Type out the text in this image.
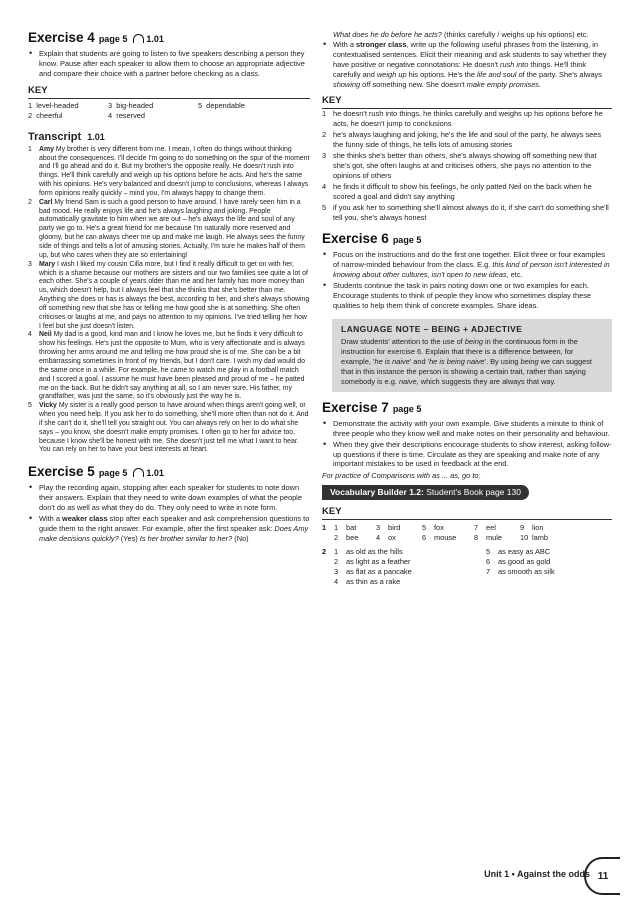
Exercise 4 page 5 1.01
• Explain that students are going to listen to five speakers describing a person they know. Pause after each speaker to allow them to choose an appropriate adjective and compare their choice with a partner before checking as a class.
KEY
1 level-headed	3 big-headed	5 dependable
2 cheerful	4 reserved
Transcript 1.01
1 Amy My brother is very different from me. I mean, I often do things without thinking about the consequences. I'll decide I'm going to do something on the spur of the moment and I'll go ahead and do it. But my brother's the opposite really. He doesn't rush into things. He'll think carefully and weigh up his options before he acts. And he's the same with his opinions. He's very balanced and doesn't jump to conclusions, whereas I always form opinions really quickly – mind you, I'm always happy to change them.
2 Carl My friend Sam is such a good person to have around. I have rarely seen him in a bad mood. He really enjoys life and he's always laughing and joking. People automatically gravitate to him when we are out – he's always the life and soul of any party we go to. He's a great friend for me because I'm naturally more reserved and gloomy, but he can always cheer me up and make me laugh. He always sees the funny side of things and tells a lot of amusing stories. Actually, I'm sure he makes half of them up, but who cares when they are so entertaining!
3 Mary I wish I liked my cousin Cilla more, but I find it really difficult to get on with her, which is a shame because our mothers are sisters and our two families see quite a lot of each other. She's a couple of years older than me and her family has more money than us, which doesn't help, but I always feel that she thinks that she's better than me. Anything she does or has is always the best, according to her, and she's always showing off something new that she has or telling me how good she is at something. She often criticises or laughs at me, and pays no attention to my opinions. I've tried telling her how I feel but she just doesn't listen.
4 Neil My dad is a good, kind man and I know he loves me, but he finds it very difficult to show his feelings. He's just the opposite to Mum, who is very affectionate and is always throwing her arms around me and telling me how proud she is of me. She can be a bit embarrassing sometimes in front of my friends, but I don't care. I wish my dad would do the same once in a while. For example, he came to watch me play in a football match and I scored a goal. I assume he must have been pleased and proud of me – he patted me on the back. But he didn't say anything at all, so I am never sure. His father, my grandfather, was just the same, so it's obviously just the way he is.
5 Vicky My sister is a really good person to have around when things aren't going well, or when you need help. If you ask her to do something, she'll more often than not do it. And if she can't do it, she'll tell you straight out. You can always rely on her to do what she says – you know, she doesn't make empty promises. I often go to her for advice too, because I know she'll be honest with me. She doesn't just tell me what I want to hear. You can rely on her to have your best interests at heart.
Exercise 5 page 5 1.01
• Play the recording again, stopping after each speaker for students to note down their answers. Explain that they need to write down examples of what the people don't do as well as what they do do. They only need to write in note form.
• With a weaker class stop after each speaker and ask comprehension questions to guide them to the right answer. For example, after the first speaker ask: Does Amy make decisions quickly? (Yes) Is her brother similar to her? (No)
What does he do before he acts? (thinks carefully / weighs up his options) etc.
• With a stronger class, write up the following useful phrases from the listening, in contextualised sentences. Elicit their meaning and ask students to say whether they have positive or negative connotations: He doesn't rush into things. He'll think carefully and weigh up his options. He's the life and soul of the party. She's always showing off something new. She doesn't make empty promises.
KEY
1 he doesn't rush into things, he thinks carefully and weighs up his options before he acts, he doesn't jump to conclusions
2 he's always laughing and joking, he's the life and soul of the party, he always sees the funny side of things, he tells lots of amusing stories
3 she thinks she's better than others, she's always showing off something new that she's got, she often laughs at and criticises others, she pays no attention to the opinions of others
4 he finds it difficult to show his feelings, he only patted Neil on the back when he scored a goal and didn't say anything
5 if you ask her to something she'll almost always do it, if she can't do something she'll tell you, she's always honest
Exercise 6 page 5
• Focus on the instructions and do the first one together. Elicit three or four examples of narrow-minded behaviour from the class. E.g. this kind of person isn't interested in knowing about other cultures, isn't open to new ideas, etc.
• Students continue the task in pairs noting down one or two examples for each. Encourage students to think of people they know who sometimes display these qualities to help them think of concrete examples. Share ideas.
LANGUAGE NOTE – BEING + ADJECTIVE

Draw students' attention to the use of being in the continuous form in the instruction for exercise 6. Explain that there is a difference between, for example, 'he is naive' and 'he is being naive'. By using being we can suggest that in this instance the person is showing a certain trait, rather than saying somebody is e.g. naive, which suggests they are always that way.

Exercise 7 page 5
• Demonstrate the activity with your own example. Give students a minute to think of three people who they know well and make notes on their personality and behaviour.
• When they give their descriptions encourage students to show interest, asking follow-up questions if there is time. Circulate as they are speaking and make note of any important mistakes to be used in feedback at the end.
For practice of Comparisons with as ... as, go to:
Vocabulary Builder 1.2: Student's Book page 130
KEY
1	1	bat	3	bird	5	fox	7	eel	9	lion
2	bee	4	ox	6	mouse	8	mule	10 lamb
2	1	as old as the hills	5	as easy as ABC
2	as light as a feather	6	as good as gold
3	as flat as a pancake	7	as smooth as silk
4	as thin as a rake
Unit 1 • Against the odds 11
